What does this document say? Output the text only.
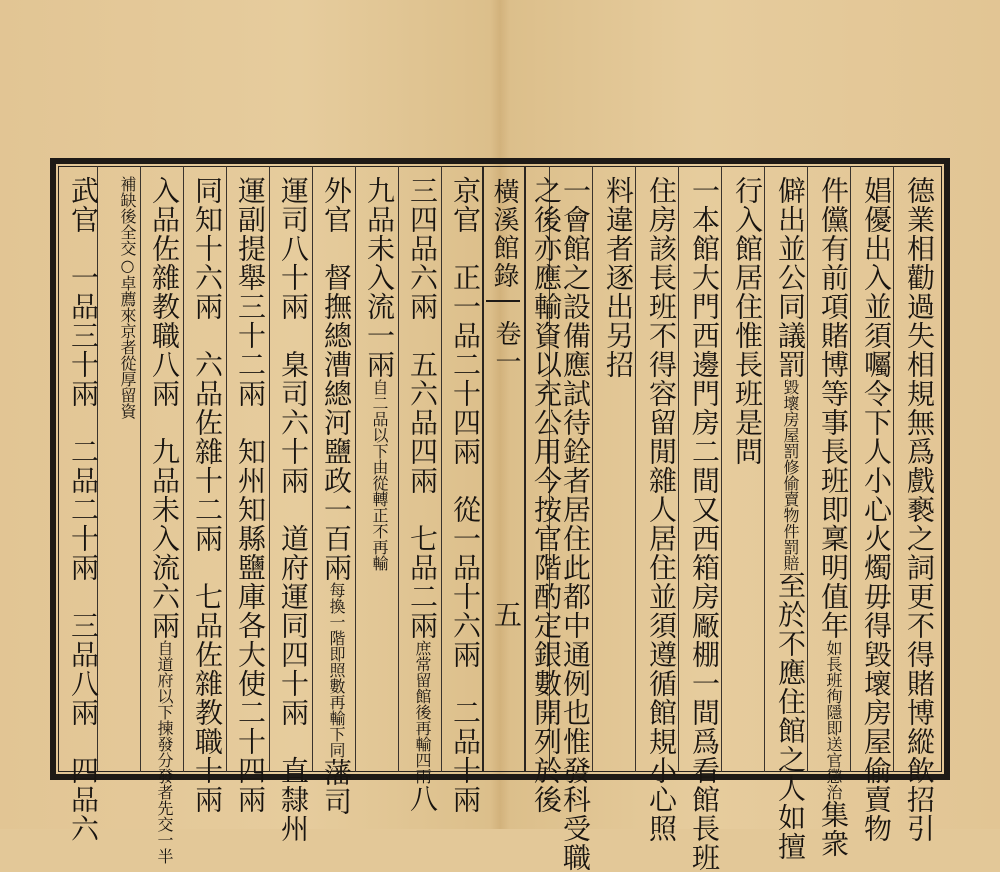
橫溪館錄
卷一
五	德業相勸過失相規無爲戲褻之詞更不得賭博縱飲招引
娼優出入並須囑令下人小心火燭毋得毀壞房屋偷賣物
件儻有前項賭博等事長班即稟明值年如長班徇隱即送官懲治集衆
僻出並公同議罰毀壞房屋罰修偷賣物件罰賠至於不應住館之人如擅
行入館居住惟長班是問
一本館大門西邊門房二間又西箱房厰棚一間爲看館長班
住房該長班不得容留閒雜人居住並須遵循館規小心照
料違者逐出另招
一會館之設備應試待銓者居住此都中通例也惟發科受職
之後亦應輸資以充公用今按官階酌定銀數開列於後
京官　正一品二十四兩　從一品十六兩　二品十兩
三四品六兩　五六品四兩　七品二兩庶常留館後再輸四兩八
九品未入流一兩自二品以下由從轉正不再輸
外官　督撫總漕總河鹽政一百兩每換一階即照數再輸下同藩司
運司八十兩　臬司六十兩　道府運同四十兩　直隸州
運副提舉三十二兩　知州知縣鹽庫各大使二十四兩
同知十六兩　六品佐雜十二兩　七品佐雜教職十兩
入品佐雜教職八兩　九品未入流六兩自道府以下揀發分發者先交一半
補缺後全交○卓薦來京者從厚留資
武官　一品三十兩　二品二十兩　三品八兩　四品六
